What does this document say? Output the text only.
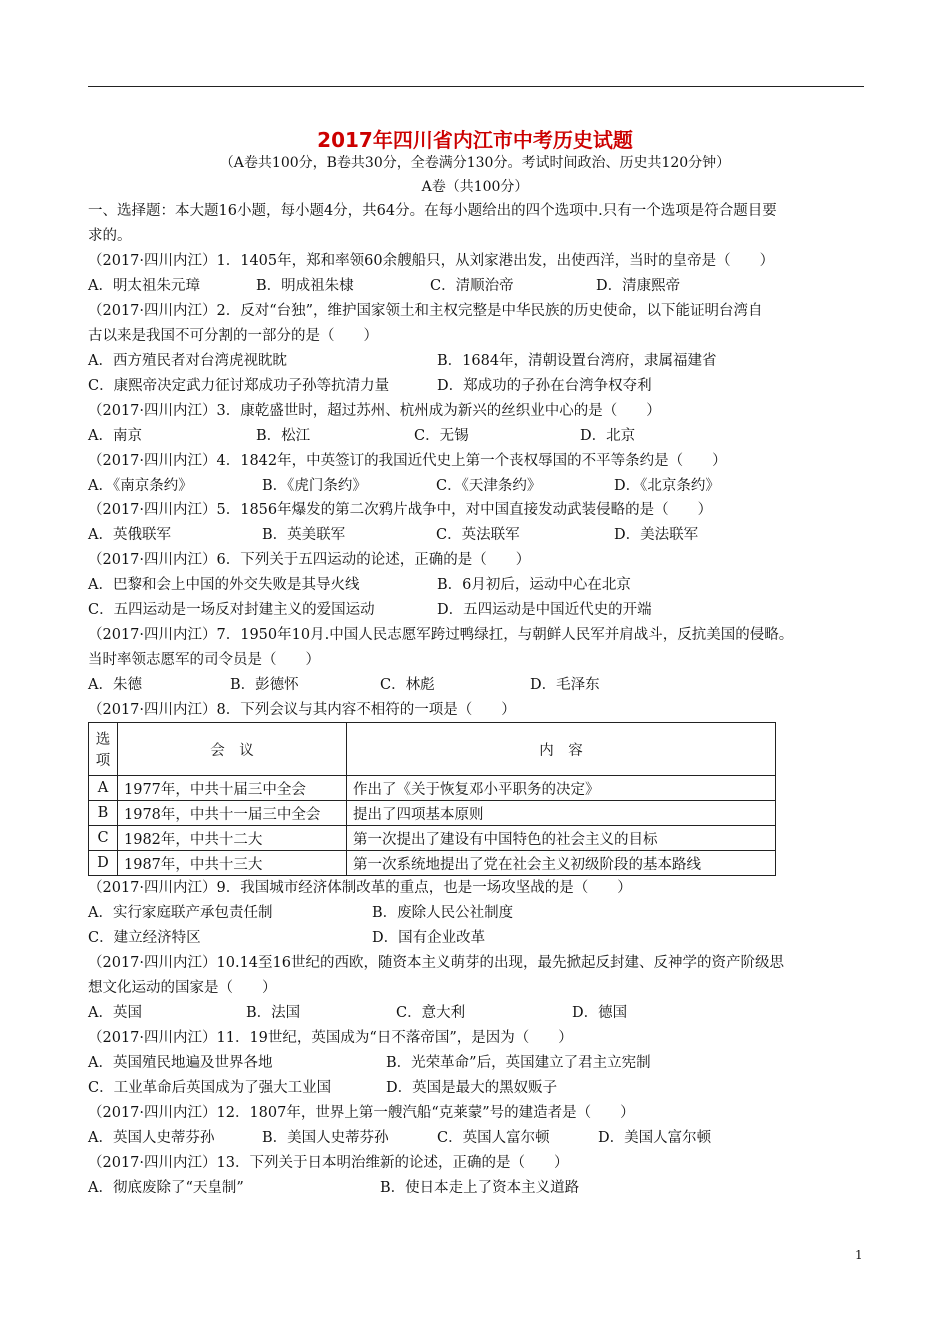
2017年四川省内江市中考历史试题
（A卷共100分，B卷共30分，全卷满分130分。考试时间政治、历史共120分钟）
A卷（共100分）
一、选择题：本大题16小题，每小题4分，共64分。在每小题给出的四个选项中.只有一个选项是符合题目要
求的。
（2017·四川内江）1．1405年，郑和率领60余艘船只，从刘家港出发，出使西洋，当时的皇帝是（　　）
A．明太祖朱元璋	B．明成祖朱棣	C．清顺治帝	D．清康熙帝
（2017·四川内江）2．反对“台独”，维护国家领土和主权完整是中华民族的历史使命，以下能证明台湾自
古以来是我国不可分割的一部分的是（　　）
A．西方殖民者对台湾虎视眈眈	B．1684年，清朝设置台湾府，隶属福建省
C．康熙帝决定武力征讨郑成功子孙等抗清力量	D．郑成功的子孙在台湾争权夺利
（2017·四川内江）3．康乾盛世时，超过苏州、杭州成为新兴的丝织业中心的是（　　）
A．南京	B．松江	C．无锡	D．北京
（2017·四川内江）4．1842年，中英签订的我国近代史上第一个丧权辱国的不平等条约是（　　）
A．《南京条约》	B．《虎门条约》	C．《天津条约》	D．《北京条约》
（2017·四川内江）5．1856年爆发的第二次鸦片战争中，对中国直接发动武装侵略的是（　　）
A．英俄联军	B．英美联军	C．英法联军	D．美法联军
（2017·四川内江）6．下列关于五四运动的论述，正确的是（　　）
A．巴黎和会上中国的外交失败是其导火线	B．6月初后，运动中心在北京
C．五四运动是一场反对封建主义的爱国运动	D．五四运动是中国近代史的开端
（2017·四川内江）7．1950年10月.中国人民志愿军跨过鸭绿扛，与朝鲜人民军并肩战斗，反抗美国的侵略。
当时率领志愿军的司令员是（　　）
A．朱德	B．彭德怀	C．林彪	D．毛泽东
（2017·四川内江）8．下列会议与其内容不相符的一项是（　　）
选
项	会　议	内　容
A	1977年，中共十届三中全会	作出了《关于恢复邓小平职务的决定》
B	1978年，中共十一届三中全会	提出了四项基本原则
C	1982年，中共十二大	第一次提出了建设有中国特色的社会主义的目标
D	1987年，中共十三大	第一次系统地提出了党在社会主义初级阶段的基本路线
（2017·四川内江）9．我国城市经济体制改革的重点，也是一场攻坚战的是（　　）
A．实行家庭联产承包责任制	B．废除人民公社制度
C．建立经济特区	D．国有企业改革
（2017·四川内江）10.14至16世纪的西欧，随资本主义萌芽的出现，最先掀起反封建、反神学的资产阶级思
想文化运动的国家是（　　）
A．英国	B．法国	C．意大利	D．德国
（2017·四川内江）11．19世纪，英国成为“日不落帝国”，是因为（　　）
A．英国殖民地遍及世界各地	B．光荣革命”后，英国建立了君主立宪制
C．工业革命后英国成为了强大工业国	D．英国是最大的黑奴贩子
（2017·四川内江）12．1807年，世界上第一艘汽船“克莱蒙”号的建造者是（　　）
A．英国人史蒂芬孙	B．美国人史蒂芬孙	C．英国人富尔顿	D．美国人富尔顿
（2017·四川内江）13．下列关于日本明治维新的论述，正确的是（　　）
A．彻底废除了“天皇制”	B．使日本走上了资本主义道路
1
